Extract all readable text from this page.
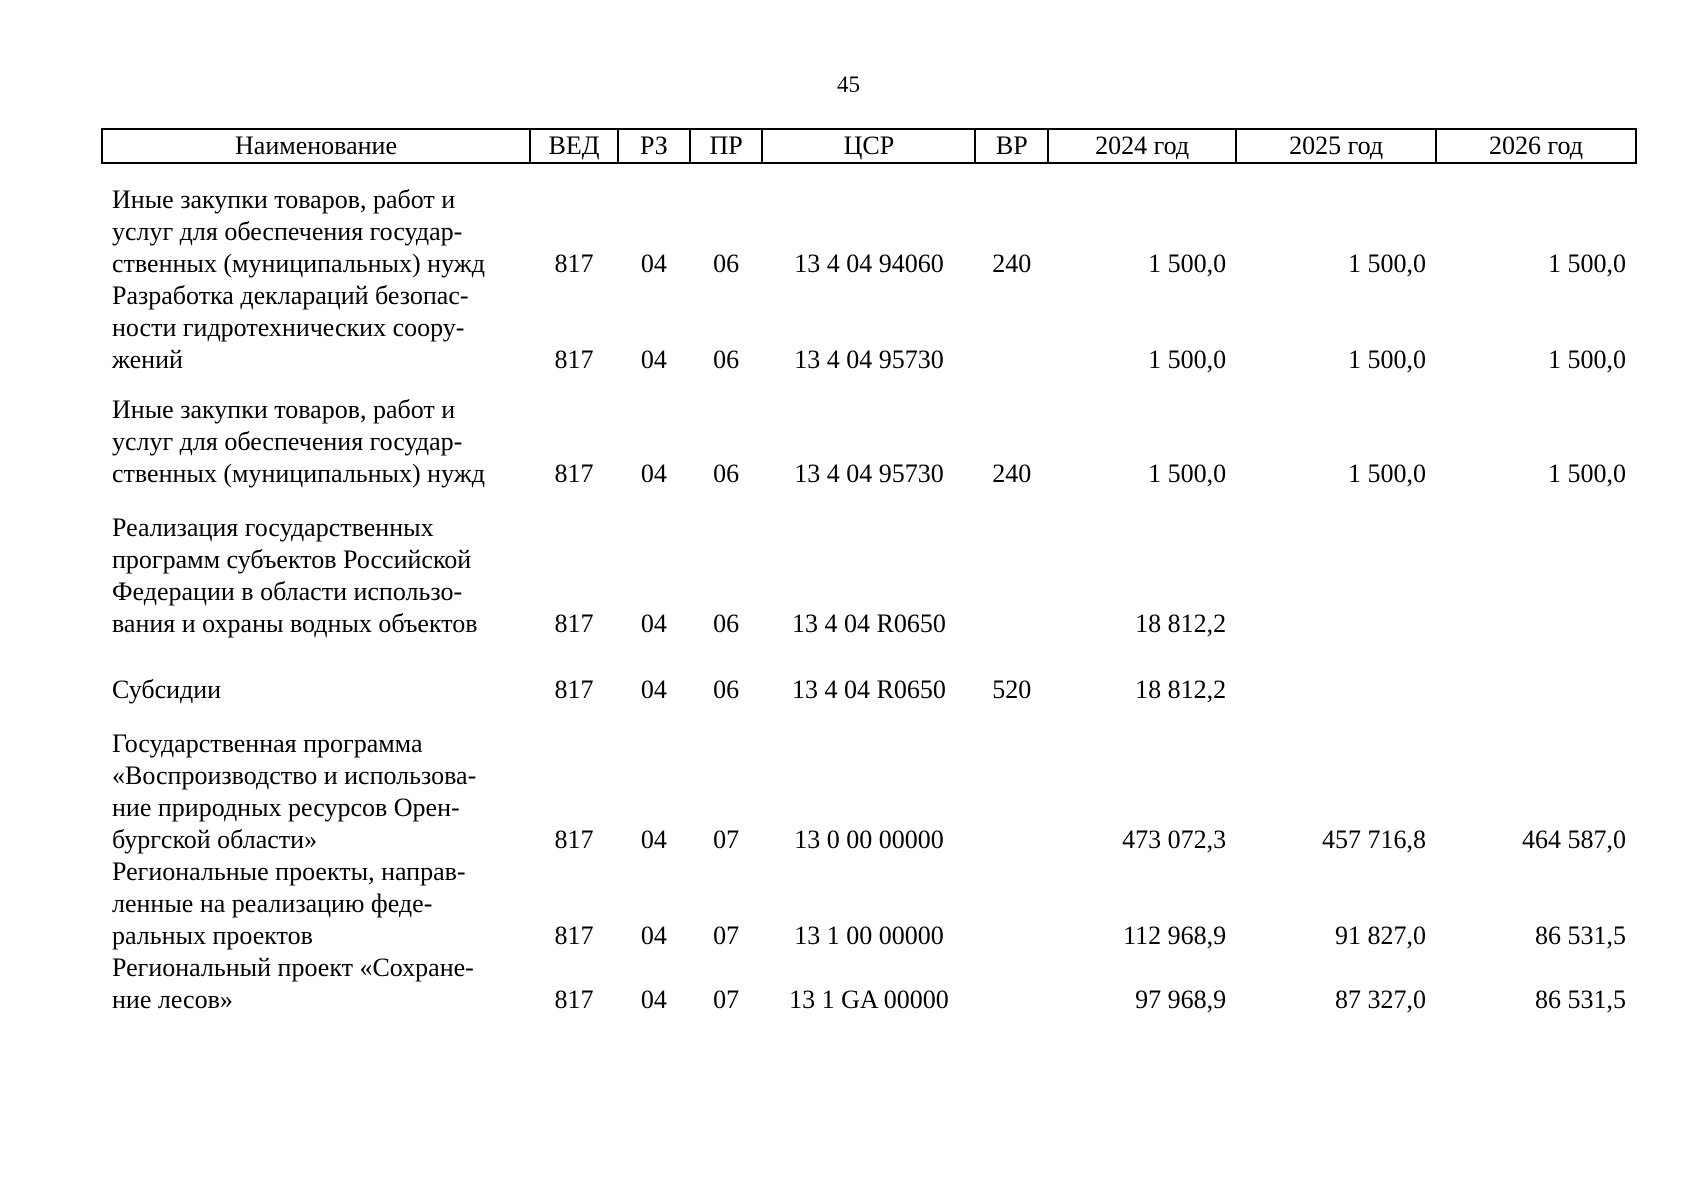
45
Наименование	ВЕД	РЗ	ПР	ЦСР	ВР	2024 год	2025 год	2026 год

Иные закупки товаров, работ и
услуг для обеспечения государ-
ственных (муниципальных) нужд	817	04	06	13 4 04 94060	240	1 500,0	1 500,0	1 500,0

Разработка деклараций безопас-
ности гидротехнических соору-
жений	817	04	06	13 4 04 95730		1 500,0	1 500,0	1 500,0

Иные закупки товаров, работ и
услуг для обеспечения государ-
ственных (муниципальных) нужд	817	04	06	13 4 04 95730	240	1 500,0	1 500,0	1 500,0

Реализация государственных
программ субъектов Российской
Федерации в области использо-
вания и охраны водных объектов	817	04	06	13 4 04 R0650		18 812,2		

Субсидии	817	04	06	13 4 04 R0650	520	18 812,2		

Государственная программа
«Воспроизводство и использова-
ние природных ресурсов Орен-
бургской области»	817	04	07	13 0 00 00000		473 072,3	457 716,8	464 587,0

Региональные проекты, направ-
ленные на реализацию феде-
ральных проектов	817	04	07	13 1 00 00000		112 968,9	91 827,0	86 531,5

Региональный проект «Сохране-
ние лесов»	817	04	07	13 1 GA 00000		97 968,9	87 327,0	86 531,5
